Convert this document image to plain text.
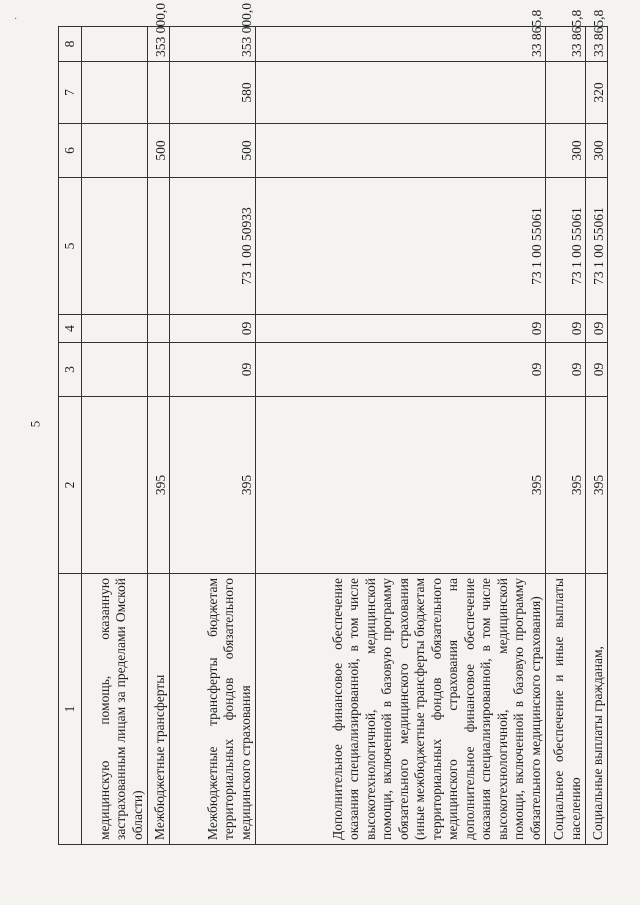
·
5
1	2	3	4	5	6	7	8
медицинскую помощь, оказанную застрахованным лицам за пределами Омской области)							
Межбюджетные трансферты	395				500		353 000,0
Межбюджетные трансферты бюджетам территориальных фондов обязательного медицинского страхования	395	09	09	73 1 00 50933	500	580	353 000,0
Дополнительное финансовое обеспечение оказания специализированной, в том числе высокотехнологичной, медицинской помощи, включенной в базовую программу обязательного медицинского страхования (иные межбюджетные трансферты бюджетам территориальных фондов обязательного медицинского страхования на дополнительное финансовое обеспечение оказания специализированной, в том числе высокотехнологичной, медицинской помощи, включенной в базовую программу обязательного медицинского страхования)	395	09	09	73 1 00 55061			33 865,8
Социальное обеспечение и иные выплаты населению	395	09	09	73 1 00 55061	300		33 865,8
Социальные выплаты гражданам,	395	09	09	73 1 00 55061	300	320	33 865,8
